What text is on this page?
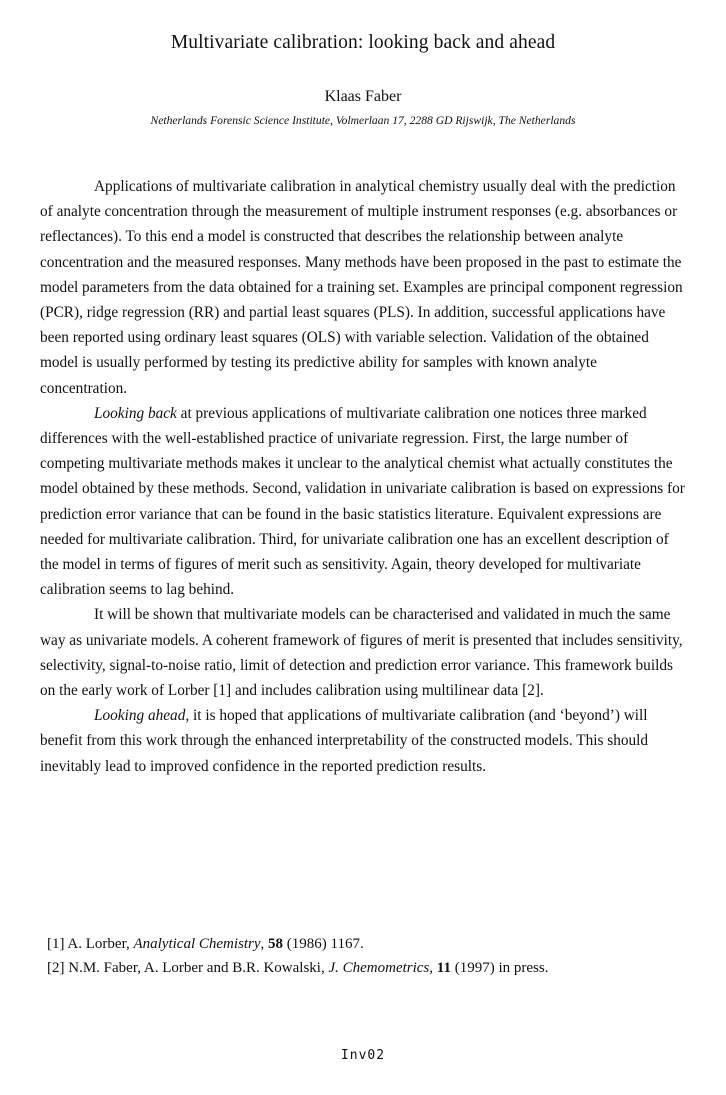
Multivariate calibration: looking back and ahead
Klaas Faber
Netherlands Forensic Science Institute, Volmerlaan 17, 2288 GD Rijswijk, The Netherlands

Applications of multivariate calibration in analytical chemistry usually deal with the prediction of analyte concentration through the measurement of multiple instrument responses (e.g. absorbances or reflectances). To this end a model is constructed that describes the relationship between analyte concentration and the measured responses. Many methods have been proposed in the past to estimate the model parameters from the data obtained for a training set. Examples are principal component regression (PCR), ridge regression (RR) and partial least squares (PLS). In addition, successful applications have been reported using ordinary least squares (OLS) with variable selection. Validation of the obtained model is usually performed by testing its predictive ability for samples with known analyte concentration.

Looking back at previous applications of multivariate calibration one notices three marked differences with the well-established practice of univariate regression. First, the large number of competing multivariate methods makes it unclear to the analytical chemist what actually constitutes the model obtained by these methods. Second, validation in univariate calibration is based on expressions for prediction error variance that can be found in the basic statistics literature. Equivalent expressions are needed for multivariate calibration. Third, for univariate calibration one has an excellent description of the model in terms of figures of merit such as sensitivity. Again, theory developed for multivariate calibration seems to lag behind.

It will be shown that multivariate models can be characterised and validated in much the same way as univariate models. A coherent framework of figures of merit is presented that includes sensitivity, selectivity, signal-to-noise ratio, limit of detection and prediction error variance. This framework builds on the early work of Lorber [1] and includes calibration using multilinear data [2].

Looking ahead, it is hoped that applications of multivariate calibration (and ‘beyond’) will benefit from this work through the enhanced interpretability of the constructed models. This should inevitably lead to improved confidence in the reported prediction results.

[1] A. Lorber, Analytical Chemistry, 58 (1986) 1167.

[2] N.M. Faber, A. Lorber and B.R. Kowalski, J. Chemometrics, 11 (1997) in press.

Inv02
